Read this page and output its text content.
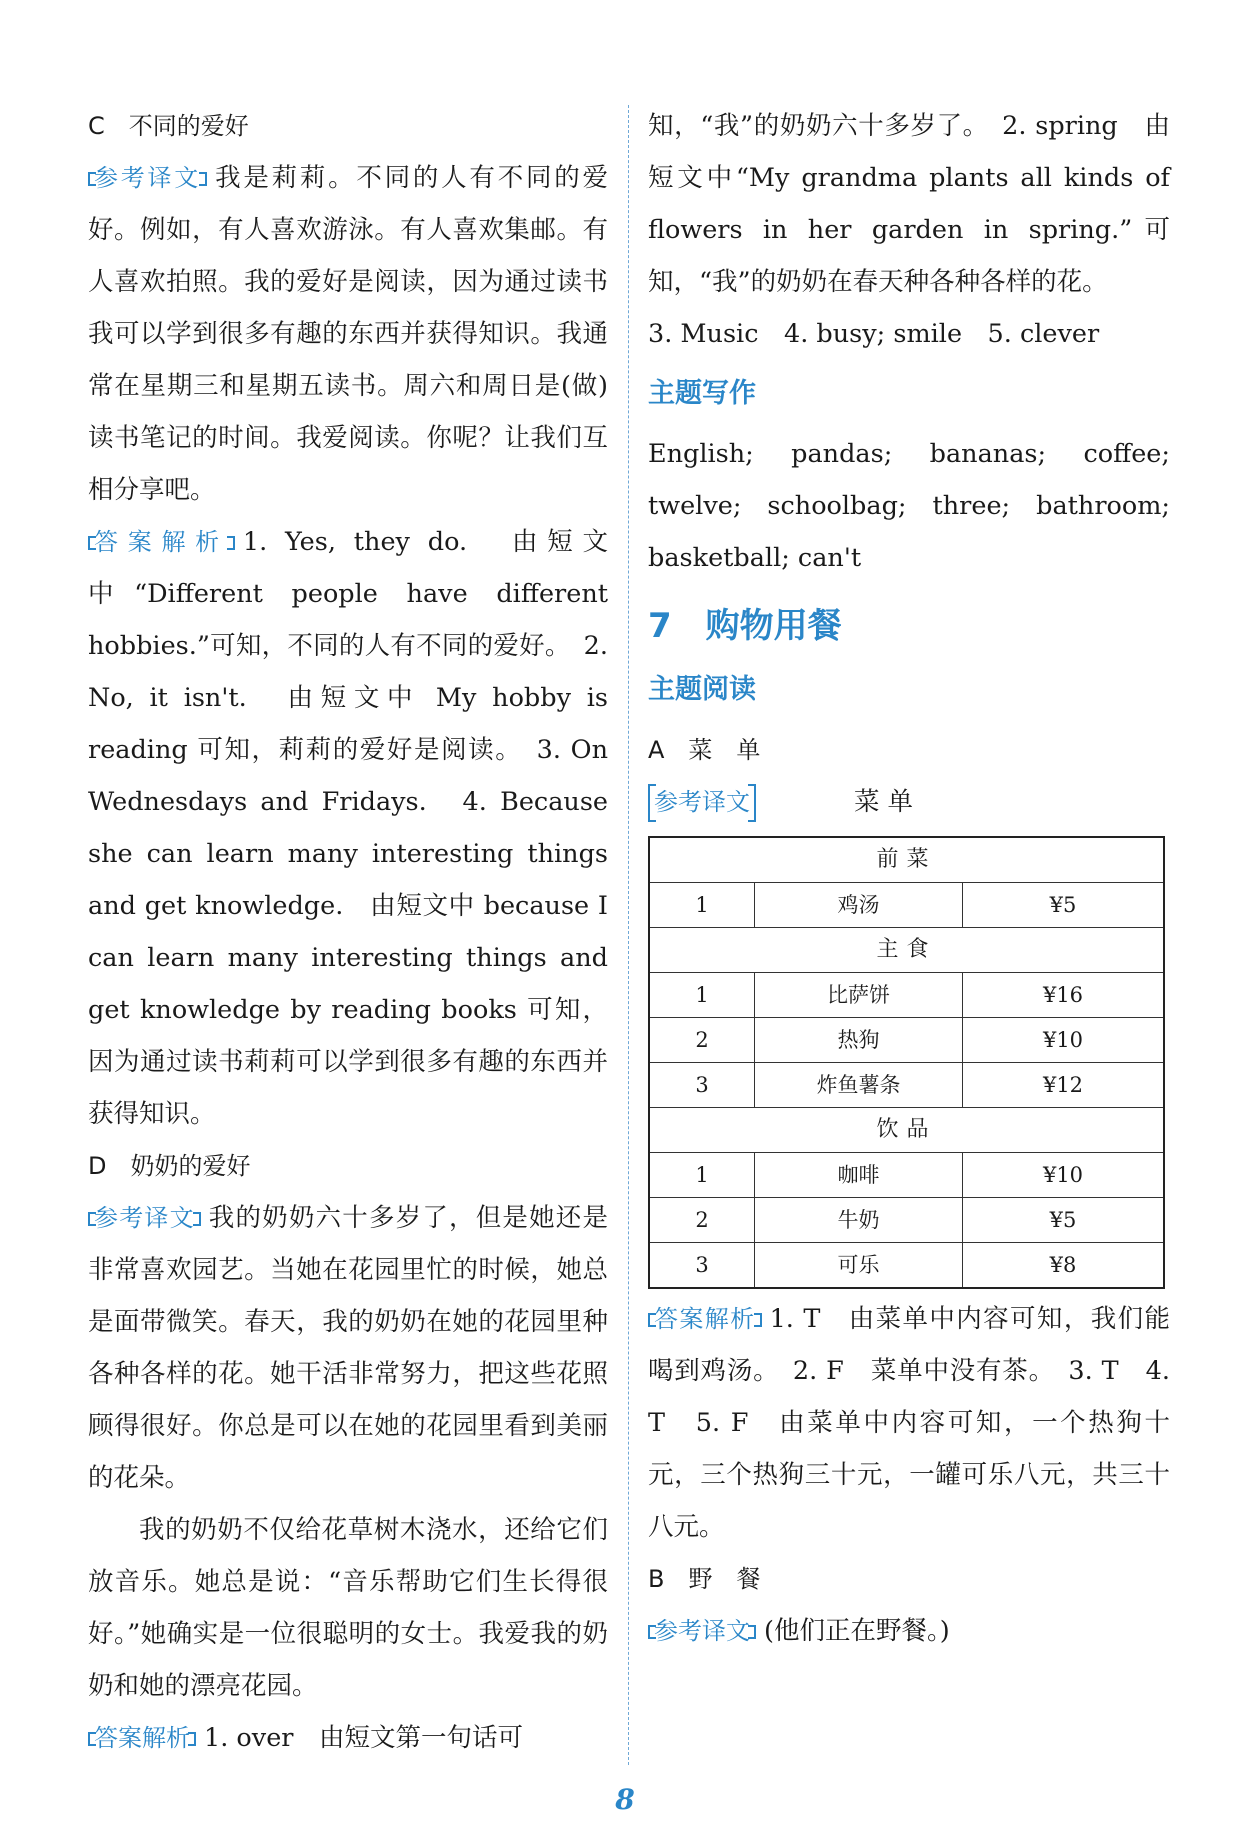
C　不同的爱好

参考译文 我是莉莉。不同的人有不同的爱好。例如，有人喜欢游泳。有人喜欢集邮。有人喜欢拍照。我的爱好是阅读，因为通过读书我可以学到很多有趣的东西并获得知识。我通常在星期三和星期五读书。周六和周日是(做)读书笔记的时间。我爱阅读。你呢？让我们互相分享吧。

答案解析 1. Yes, they do.　由短文中“Different people have different hobbies.”可知，不同的人有不同的爱好。　2. No, it isn't.　由短文中 My hobby is reading 可知，莉莉的爱好是阅读。　3. On Wednesdays and Fridays.　4. Because she can learn many interesting things and get knowledge.　由短文中 because I can learn many interesting things and get knowledge by reading books 可知，因为通过读书莉莉可以学到很多有趣的东西并获得知识。

D　奶奶的爱好

参考译文 我的奶奶六十多岁了，但是她还是非常喜欢园艺。当她在花园里忙的时候，她总是面带微笑。春天，我的奶奶在她的花园里种各种各样的花。她干活非常努力，把这些花照顾得很好。你总是可以在她的花园里看到美丽的花朵。

我的奶奶不仅给花草树木浇水，还给它们放音乐。她总是说：“音乐帮助它们生长得很好。”她确实是一位很聪明的女士。我爱我的奶奶和她的漂亮花园。

答案解析 1. over　由短文第一句话可

知，“我”的奶奶六十多岁了。　2. spring　由短文中“My grandma plants all kinds of flowers in her garden in spring.”可知，“我”的奶奶在春天种各种各样的花。

3. Music　4. busy; smile　5. clever

主题写作

English; pandas; bananas; coffee; twelve; schoolbag; three; bathroom; basketball; can't

7　购物用餐

主题阅读

A　菜　单

参考译文	菜单
前菜		
1	鸡汤	¥5
主食		
1	比萨饼	¥16
2	热狗	¥10
3	炸鱼薯条	¥12
饮品		
1	咖啡	¥10
2	牛奶	¥5
3	可乐	¥8

答案解析 1. T　由菜单中内容可知，我们能喝到鸡汤。　2. F　菜单中没有茶。　3. T　4. T　5. F　由菜单中内容可知，一个热狗十元，三个热狗三十元，一罐可乐八元，共三十八元。

B　野　餐

参考译文 (他们正在野餐。)

8
